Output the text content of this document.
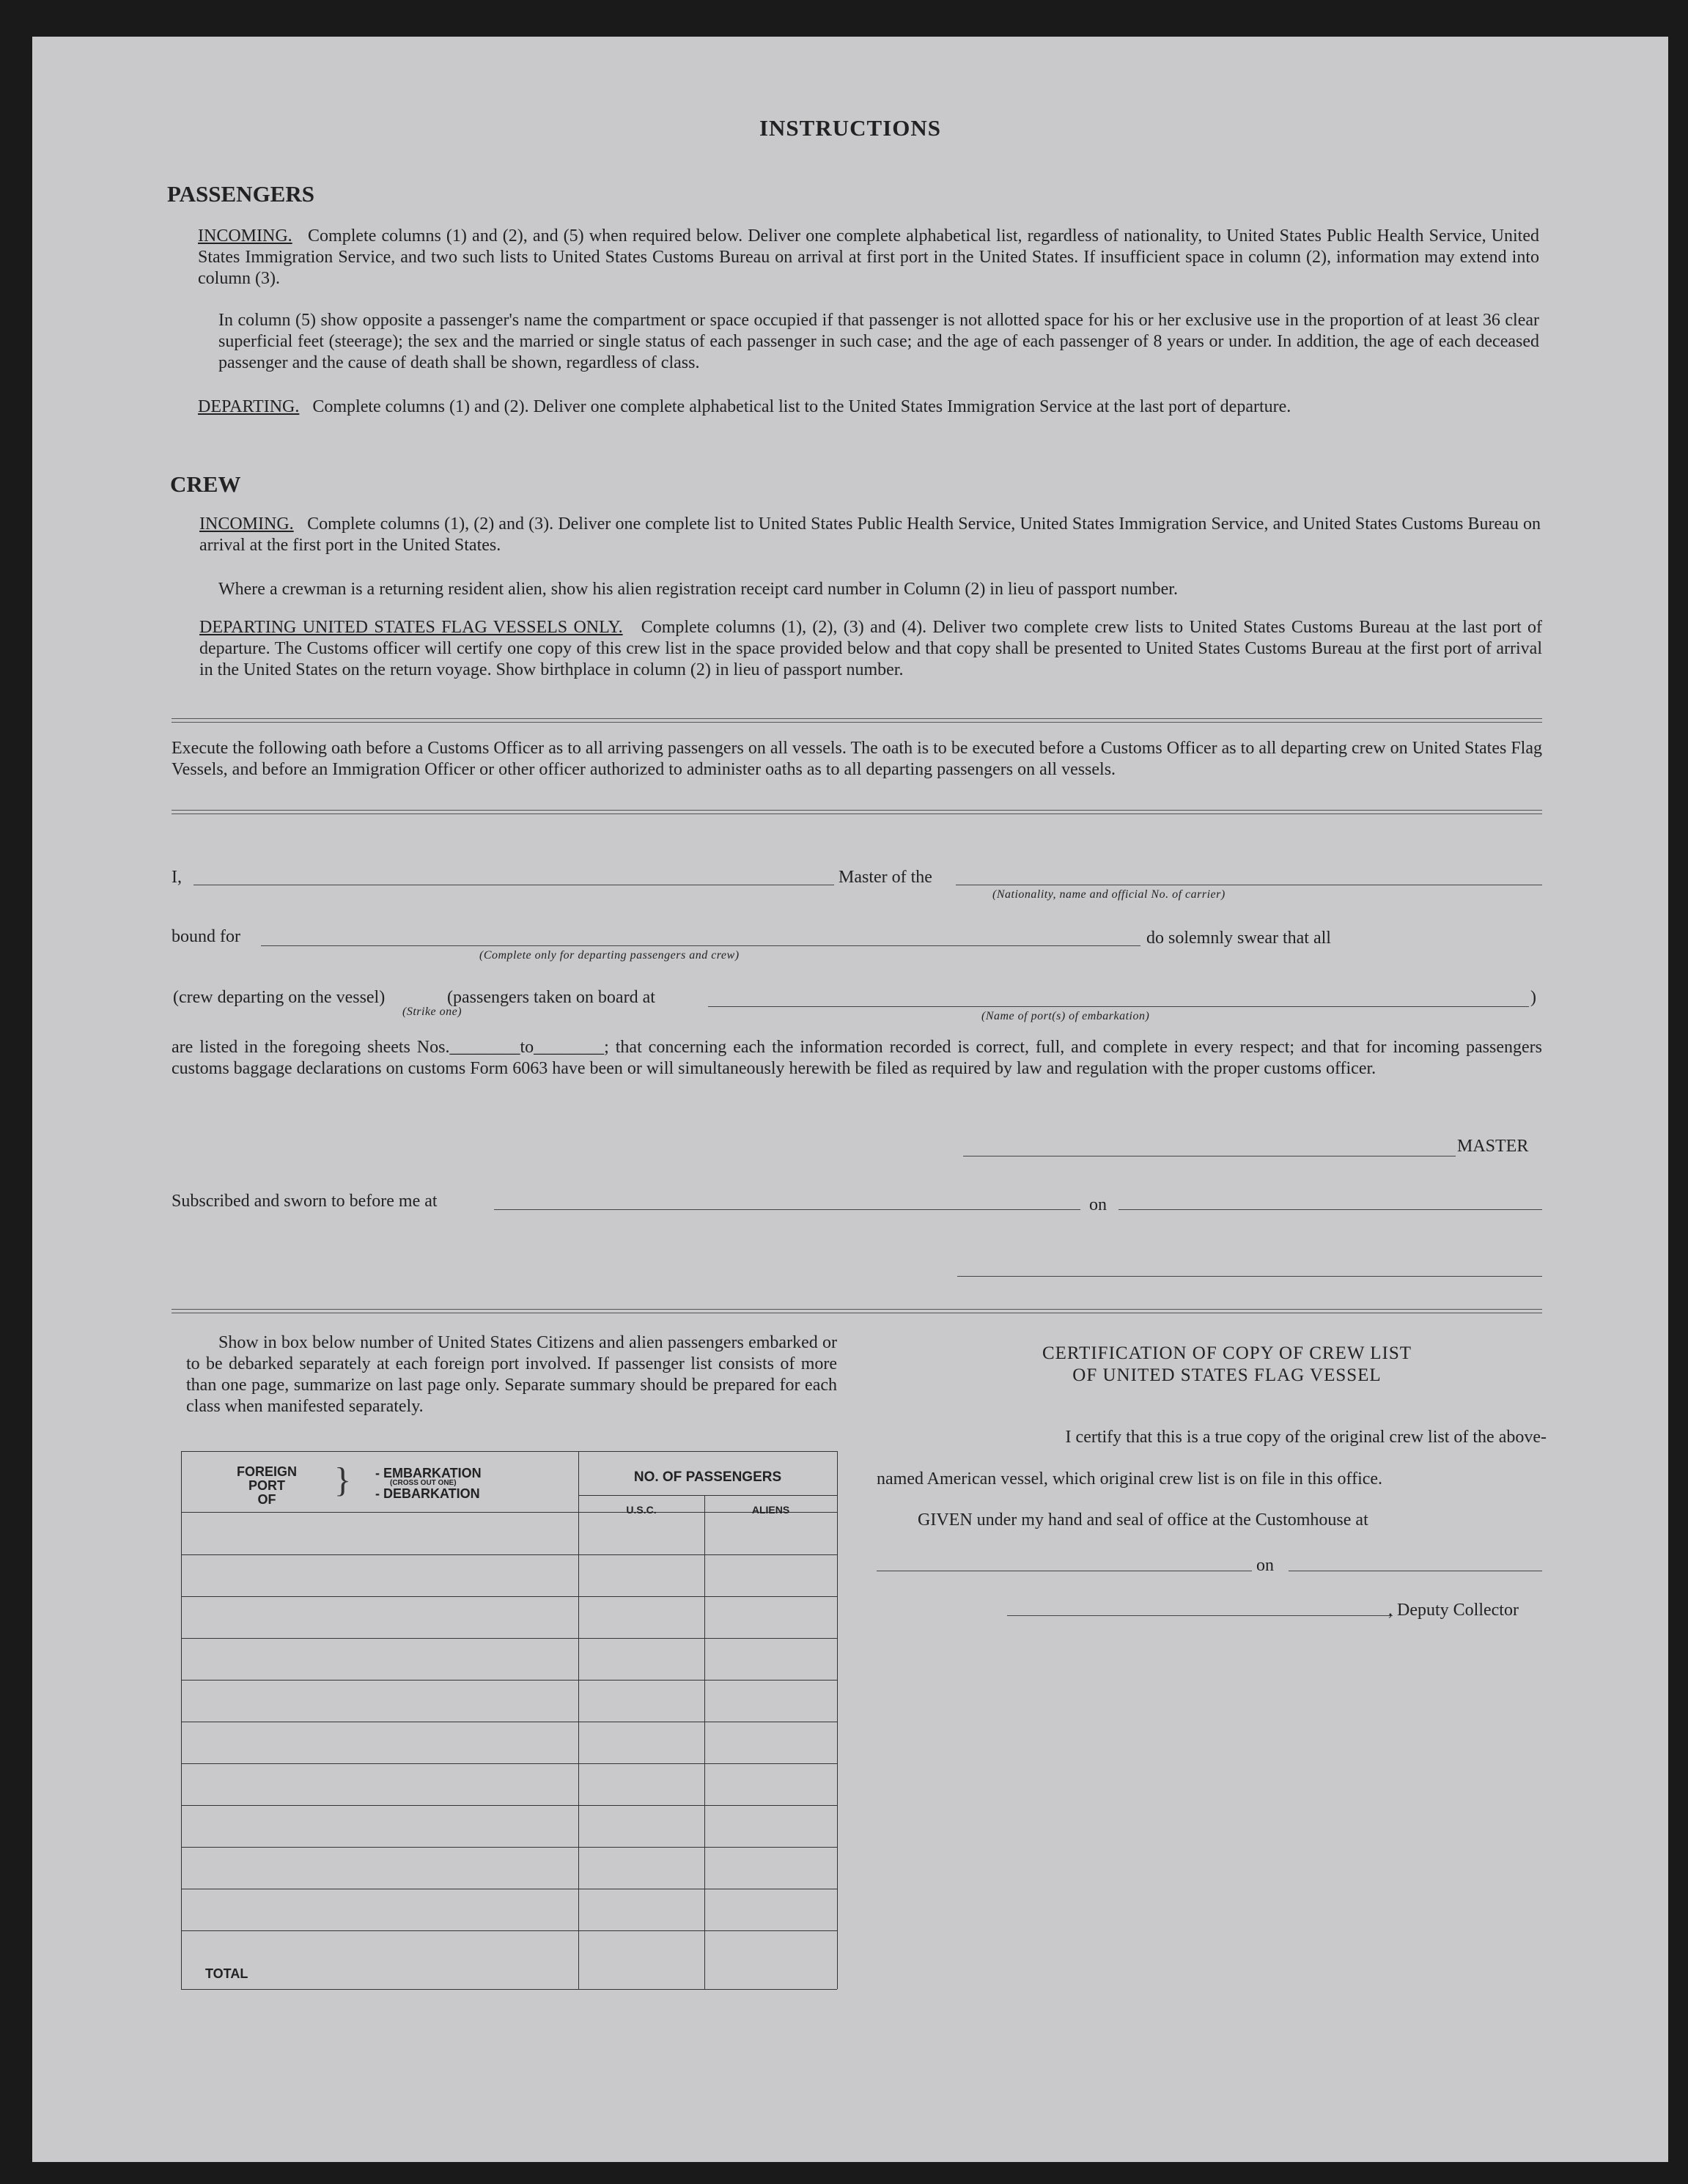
INSTRUCTIONS
PASSENGERS
INCOMING. Complete columns (1) and (2), and (5) when required below. Deliver one complete alphabetical list, regardless of nationality, to United States Public Health Service, United States Immigration Service, and two such lists to United States Customs Bureau on arrival at first port in the United States. If insufficient space in column (2), information may extend into column (3).
In column (5) show opposite a passenger's name the compartment or space occupied if that passenger is not allotted space for his or her exclusive use in the proportion of at least 36 clear superficial feet (steerage); the sex and the married or single status of each passenger in such case; and the age of each passenger of 8 years or under. In addition, the age of each deceased passenger and the cause of death shall be shown, regardless of class.
DEPARTING. Complete columns (1) and (2). Deliver one complete alphabetical list to the United States Immigration Service at the last port of departure.
CREW
INCOMING. Complete columns (1), (2) and (3). Deliver one complete list to United States Public Health Service, United States Immigration Service, and United States Customs Bureau on arrival at the first port in the United States.
Where a crewman is a returning resident alien, show his alien registration receipt card number in Column (2) in lieu of passport number.
DEPARTING UNITED STATES FLAG VESSELS ONLY. Complete columns (1), (2), (3) and (4). Deliver two complete crew lists to United States Customs Bureau at the last port of departure. The Customs officer will certify one copy of this crew list in the space provided below and that copy shall be presented to United States Customs Bureau at the first port of arrival in the United States on the return voyage. Show birthplace in column (2) in lieu of passport number.
Execute the following oath before a Customs Officer as to all arriving passengers on all vessels. The oath is to be executed before a Customs Officer as to all departing crew on United States Flag Vessels, and before an Immigration Officer or other officer authorized to administer oaths as to all departing passengers on all vessels.
I,	Master of the
(Nationality, name and official No. of carrier)
bound for
(Complete only for departing passengers and crew)
do solemnly swear that all
(crew departing on the vessel)
(Strike one)
(passengers taken on board at	)
(Name of port(s) of embarkation)
are listed in the foregoing sheets Nos.________to________; that concerning each the information recorded is correct, full, and complete in every respect; and that for incoming passengers customs baggage declarations on customs Form 6063 have been or will simultaneously herewith be filed as required by law and regulation with the proper customs officer.
MASTER
Subscribed and sworn to before me at	on
Show in box below number of United States Citizens and alien passengers embarked or to be debarked separately at each foreign port involved. If passenger list consists of more than one page, summarize on last page only. Separate summary should be prepared for each class when manifested separately.
FOREIGN
PORT
OF	} - EMBARKATION
(CROSS OUT ONE)
- DEBARKATION
NO. OF PASSENGERS
U.S.C.	ALIENS
TOTAL
CERTIFICATION OF COPY OF CREW LIST
OF UNITED STATES FLAG VESSEL
I certify that this is a true copy of the original crew list of the above-
named American vessel, which original crew list is on file in this office.
GIVEN under my hand and seal of office at the Customhouse at
on
, Deputy Collector
